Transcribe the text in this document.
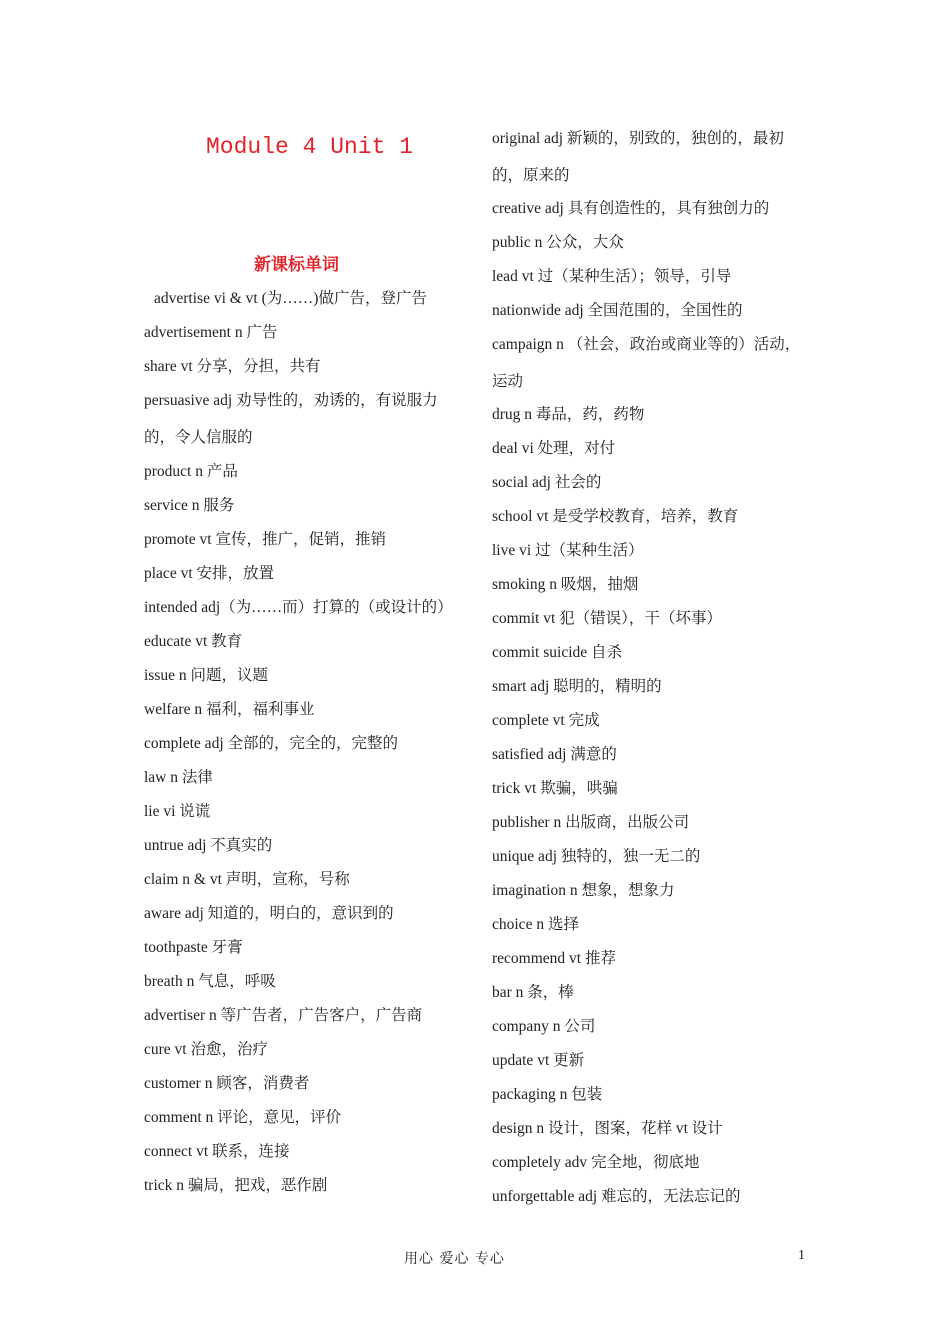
Module 4 Unit 1
新课标单词
advertise vi & vt (为……)做广告，登广告
advertisement n 广告
share vt 分享，分担，共有
persuasive adj 劝导性的，劝诱的，有说服力的，令人信服的
product n 产品
service n 服务
promote vt 宣传，推广，促销，推销
place vt 安排，放置
intended adj（为……而）打算的（或设计的）
educate vt 教育
issue n 问题，议题
welfare n 福利，福利事业
complete adj 全部的，完全的，完整的
law n 法律
lie vi 说谎
untrue adj 不真实的
claim n & vt 声明，宣称，号称
aware adj 知道的，明白的，意识到的
toothpaste 牙膏
breath n 气息，呼吸
advertiser n 等广告者，广告客户，广告商
cure vt 治愈，治疗
customer n 顾客，消费者
comment n 评论，意见，评价
connect vt 联系，连接
trick n 骗局，把戏，恶作剧
original adj 新颖的，别致的，独创的，最初的，原来的
creative adj 具有创造性的，具有独创力的
public n 公众，大众
lead vt 过（某种生活）；领导，引导
nationwide adj 全国范围的，全国性的
campaign n （社会，政治或商业等的）活动，运动
drug n 毒品，药，药物
deal vi 处理，对付
social adj 社会的
school vt 是受学校教育，培养，教育
live vi 过（某种生活）
smoking n 吸烟，抽烟
commit vt 犯（错误），干（坏事）
commit suicide 自杀
smart adj 聪明的，精明的
complete vt 完成
satisfied adj 满意的
trick vt 欺骗，哄骗
publisher n 出版商，出版公司
unique adj 独特的，独一无二的
imagination n 想象，想象力
choice n 选择
recommend vt 推荐
bar n 条，棒
company n 公司
update vt 更新
packaging n 包装
design n 设计，图案，花样 vt 设计
completely adv 完全地，彻底地
unforgettable adj 难忘的，无法忘记的
用心 爱心 专心	1
